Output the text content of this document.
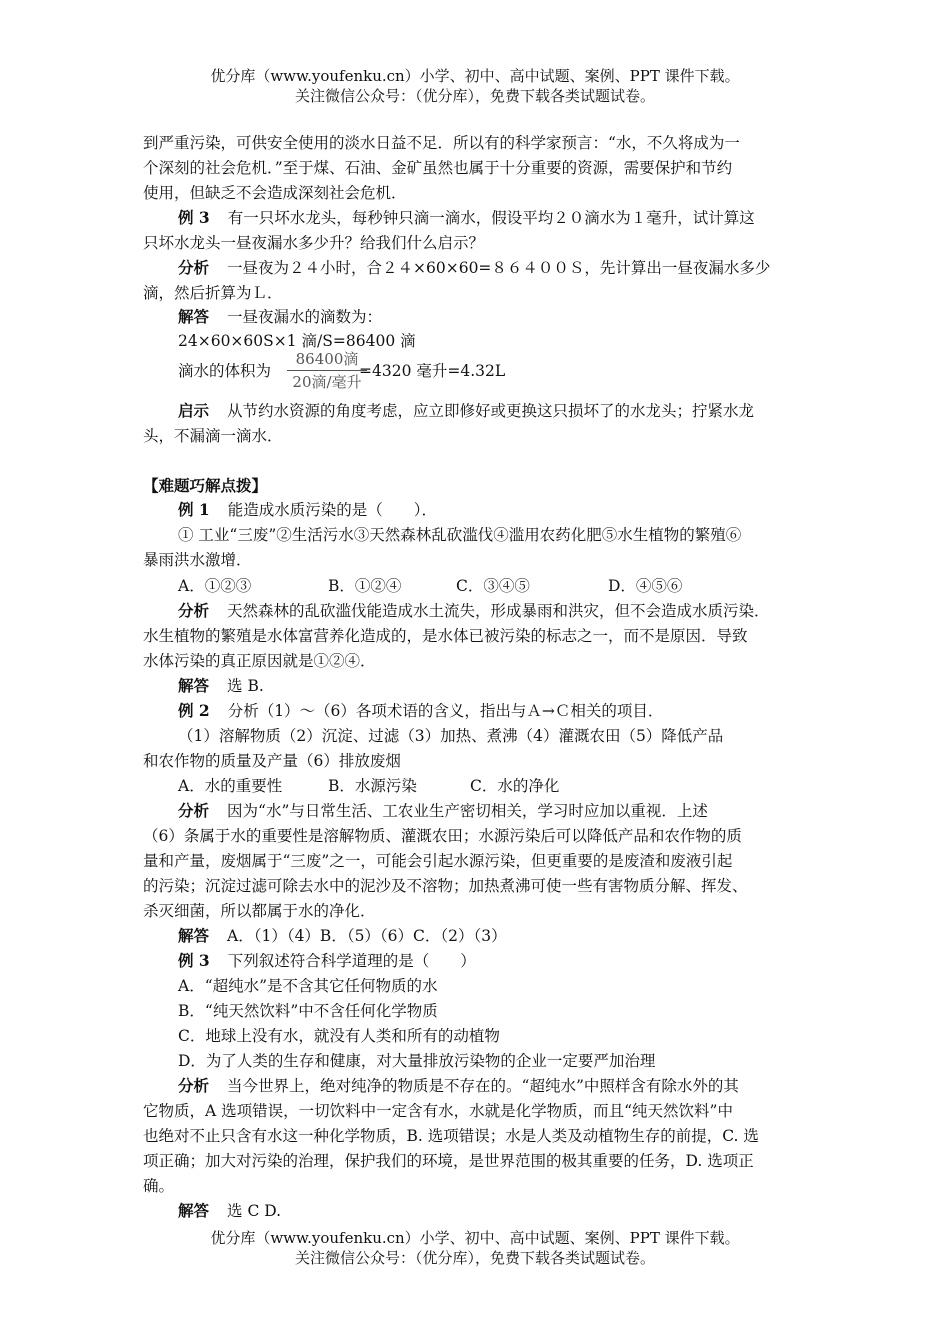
优分库（www.youfenku.cn）小学、初中、高中试题、案例、PPT 课件下载。
关注微信公众号：（优分库），免费下载各类试题试卷。
到严重污染，可供安全使用的淡水日益不足．所以有的科学家预言：“水，不久将成为一
个深刻的社会危机．”至于煤、石油、金矿虽然也属于十分重要的资源，需要保护和节约
使用，但缺乏不会造成深刻社会危机．
例 3 有一只坏水龙头，每秒钟只滴一滴水，假设平均２０滴水为１毫升，试计算这
只坏水龙头一昼夜漏水多少升？给我们什么启示？
分析 一昼夜为２４小时，合２４×60×60=８６４００Ｓ，先计算出一昼夜漏水多少
滴，然后折算为Ｌ．
解答 一昼夜漏水的滴数为：
24×60×60S×1 滴/S=86400 滴
滴水的体积为	=4320 毫升=4.32L
86400滴
20滴/毫升
启示 从节约水资源的角度考虑，应立即修好或更换这只损坏了的水龙头；拧紧水龙
头，不漏滴一滴水．
【难题巧解点拨】
例 1 能造成水质污染的是（　　）．
① 工业“三废”②生活污水③天然森林乱砍滥伐④滥用农药化肥⑤水生植物的繁殖⑥
暴雨洪水激增．
A．①②③	B．①②④	C．③④⑤	D．④⑤⑥
分析 天然森林的乱砍滥伐能造成水土流失，形成暴雨和洪灾，但不会造成水质污染．
水生植物的繁殖是水体富营养化造成的，是水体已被污染的标志之一，而不是原因．导致
水体污染的真正原因就是①②④．
解答 选 B.
例 2 分析（1）～（6）各项术语的含义，指出与Ａ→Ｃ相关的项目．
（1）溶解物质（2）沉淀、过滤（3）加热、煮沸（4）灌溉农田（5）降低产品
和农作物的质量及产量（6）排放废烟
A．水的重要性	B．水源污染	C．水的净化
分析 因为“水”与日常生活、工农业生产密切相关，学习时应加以重视．上述
（6）条属于水的重要性是溶解物质、灌溉农田；水源污染后可以降低产品和农作物的质
量和产量，废烟属于“三废”之一，可能会引起水源污染，但更重要的是废渣和废液引起
的污染；沉淀过滤可除去水中的泥沙及不溶物；加热煮沸可使一些有害物质分解、挥发、
杀灭细菌，所以都属于水的净化．
解答 A．（1）（4）B．（5）（6）C．（2）（3）
例 3 下列叙述符合科学道理的是（　　）
A．“超纯水”是不含其它任何物质的水
B．“纯天然饮料”中不含任何化学物质
C．地球上没有水，就没有人类和所有的动植物
D．为了人类的生存和健康，对大量排放污染物的企业一定要严加治理
分析 当今世界上，绝对纯净的物质是不存在的。“超纯水”中照样含有除水外的其
它物质，A 选项错误，一切饮料中一定含有水，水就是化学物质，而且“纯天然饮料”中
也绝对不止只含有水这一种化学物质，B. 选项错误；水是人类及动植物生存的前提，C. 选
项正确；加大对污染的治理，保护我们的环境，是世界范围的极其重要的任务，D. 选项正
确。
解答 选 C D.
优分库（www.youfenku.cn）小学、初中、高中试题、案例、PPT 课件下载。
关注微信公众号：（优分库），免费下载各类试题试卷。
